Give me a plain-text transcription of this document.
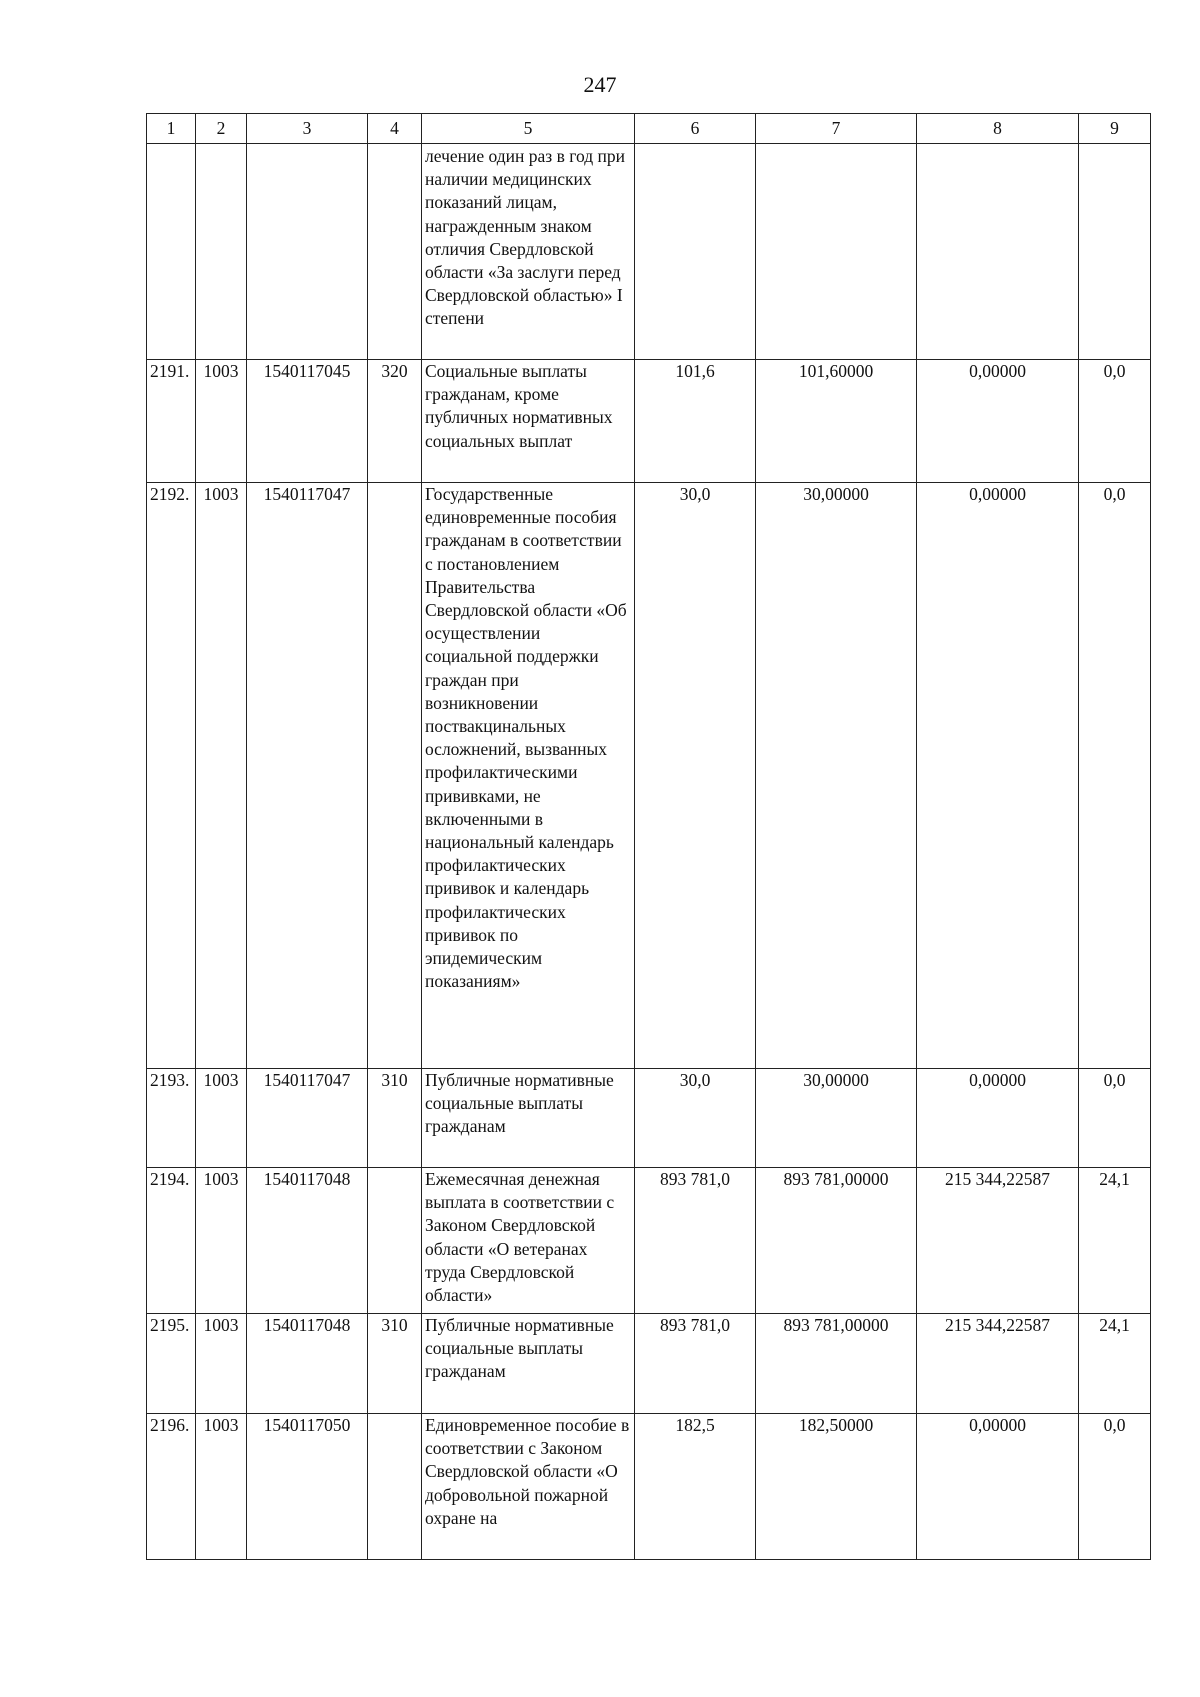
247
1	2	3	4	5	6	7	8	9
				лечение один раз в год при наличии медицинских показаний лицам, награжденным знаком отличия Свердловской области «За заслуги перед Свердловской областью» I степени				
2191.	1003	1540117045	320	Социальные выплаты гражданам, кроме публичных нормативных социальных выплат	101,6	101,60000	0,00000	0,0
2192.	1003	1540117047		Государственные единовременные пособия гражданам в соответствии с постановлением Правительства Свердловской области «Об осуществлении социальной поддержки граждан при возникновении поствакцинальных осложнений, вызванных профилактическими прививками, не включенными в национальный календарь профилактических прививок и календарь профилактических прививок по эпидемическим показаниям»	30,0	30,00000	0,00000	0,0
2193.	1003	1540117047	310	Публичные нормативные социальные выплаты гражданам	30,0	30,00000	0,00000	0,0
2194.	1003	1540117048		Ежемесячная денежная выплата в соответствии с Законом Свердловской области «О ветеранах труда Свердловской области»	893 781,0	893 781,00000	215 344,22587	24,1
2195.	1003	1540117048	310	Публичные нормативные социальные выплаты гражданам	893 781,0	893 781,00000	215 344,22587	24,1
2196.	1003	1540117050		Единовременное пособие в соответствии с Законом Свердловской области «О добровольной пожарной охране на	182,5	182,50000	0,00000	0,0
